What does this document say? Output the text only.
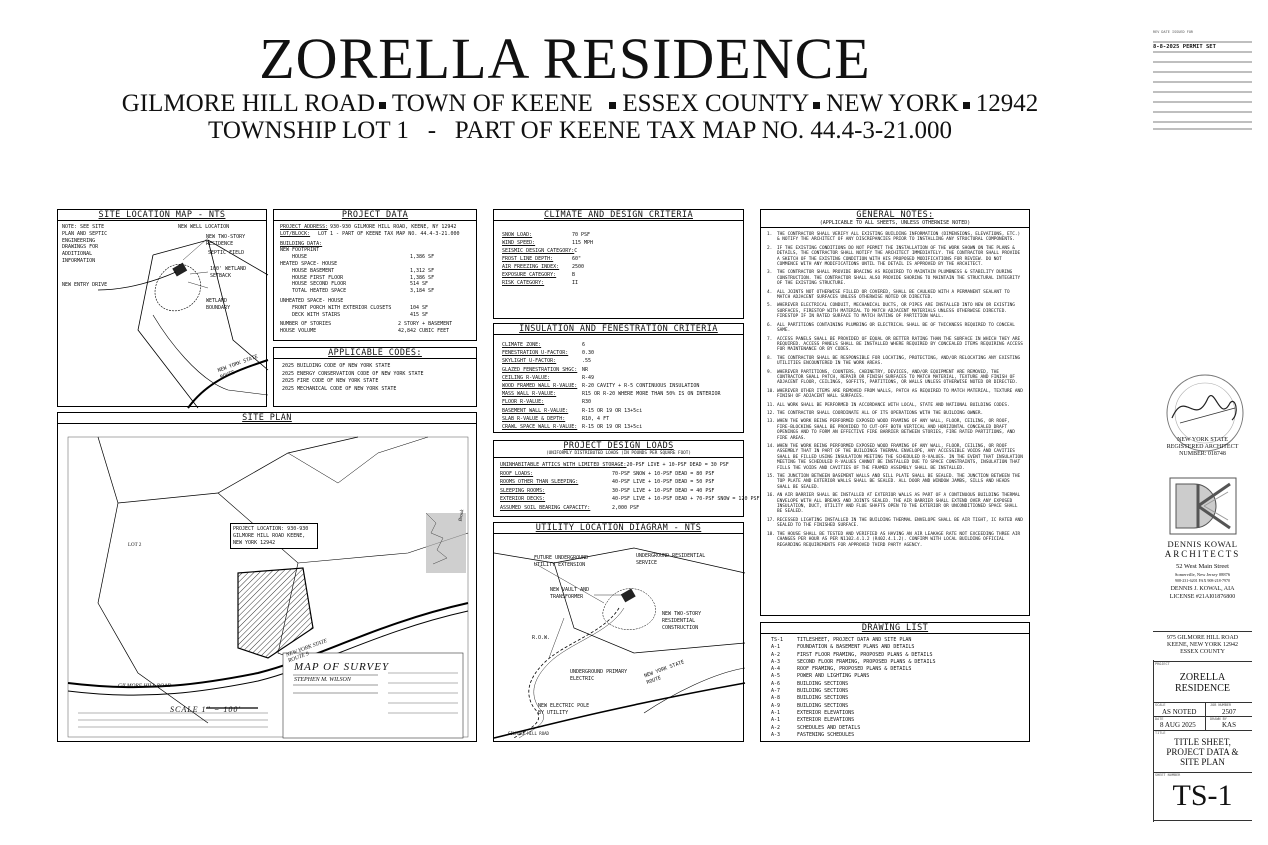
ZORELLA RESIDENCE
GILMORE HILL ROAD TOWN OF KEENE ESSEX COUNTY NEW YORK 12942
TOWNSHIP LOT 1 - PART OF KEENE TAX MAP NO. 44.4-3-21.000
REV DATE ISSUED FOR
8-8-2025 PERMIT SET
SITE LOCATION MAP - NTS
NOTE: SEE SITE PLAN AND SEPTIC ENGINEERING DRAWINGS FOR ADDITIONAL INFORMATION
NEW WELL LOCATION
NEW TWO-STORY RESIDENCE
SEPTIC FIELD
100' WETLAND SETBACK
NEW ENTRY DRIVE
WETLAND BOUNDARY
NEW YORK STATE ROUTE
PROJECT DATA
PROJECT ADDRESS: 930-930 GILMORE HILL ROAD, KEENE, NY 12942
LOT/BLOCK:	LOT 1 - PART OF KEENE TAX MAP NO. 44.4-3-21.000
BUILDING DATA:
NEW FOOTPRINT
HOUSE	1,386 SF
HEATED SPACE- HOUSE
HOUSE BASEMENT	1,312 SF
HOUSE FIRST FLOOR	1,386 SF
HOUSE SECOND FLOOR	514 SF
TOTAL HEATED SPACE	3,184 SF
UNHEATED SPACE- HOUSE
FRONT PORCH WITH EXTERIOR CLOSETS	104 SF
DECK WITH STAIRS	415 SF
NUMBER OF STORIES	2 STORY + BASEMENT
HOUSE VOLUME	42,842 CUBIC FEET
APPLICABLE CODES:
2025 BUILDING CODE OF NEW YORK STATE
2025 ENERGY CONSERVATION CODE OF NEW YORK STATE
2025 FIRE CODE OF NEW YORK STATE
2025 MECHANICAL CODE OF NEW YORK STATE
CLIMATE AND DESIGN CRITERIA
SNOW LOAD:	70 PSF
WIND SPEED:	115 MPH
SEISMIC DESIGN CATEGORY: C
FROST LINE DEPTH:	60"
AIR FREEZING INDEX:	2500
EXPOSURE CATEGORY:	B
RISK CATEGORY:	II
INSULATION AND FENESTRATION CRITERIA
CLIMATE ZONE:	6
FENESTRATION U-FACTOR:	0.30
SKYLIGHT U-FACTOR:	.55
GLAZED FENESTRATION SHGC: NR
CEILING R-VALUE:	R-49
WOOD FRAMED WALL R-VALUE: R-20 CAVITY + R-5 CONTINUOUS INSULATION
MASS WALL R-VALUE:	R15 OR R-20 WHERE MORE THAN 50% IS ON INTERIOR
FLOOR R-VALUE:	R30
BASEMENT WALL R-VALUE:	R-15 OR 19 OR 13+5ci
SLAB R-VALUE & DEPTH:	R10, 4 FT
CRAWL SPACE WALL R-VALUE: R-15 OR 19 OR 13+5ci
PROJECT DESIGN LOADS
(UNIFORMLY DISTRIBUTED LOADS (IN POUNDS PER SQUARE FOOT)
UNINHABITABLE ATTICS WITH LIMITED STORAGE: 20-PSF LIVE + 10-PSF DEAD = 30 PSF
ROOF LOADS:	70-PSF SNOW + 10-PSF DEAD = 80 PSF
ROOMS OTHER THAN SLEEPING:	40-PSF LIVE + 10-PSF DEAD = 50 PSF
SLEEPING ROOMS:	30-PSF LIVE + 10-PSF DEAD = 40 PSF
EXTERIOR DECKS:	40-PSF LIVE + 10-PSF DEAD + 70-PSF SNOW = 120 PSF
ASSUMED SOIL BEARING CAPACITY:	2,000 PSF
UTILITY LOCATION DIAGRAM - NTS
FUTURE UNDERGROUND UTILITY EXTENSION
UNDERGROUND RESIDENTIAL SERVICE
NEW VAULT AND TRANSFORMER
NEW TWO-STORY RESIDENTIAL CONSTRUCTION
R.O.W.
UNDERGROUND PRIMARY ELECTRIC
NEW ELECTRIC POLE BY UTILITY
GILMORE HILL ROAD
NEW YORK STATE ROUTE
SITE PLAN
PROJECT LOCATION: 930-930 GILMORE HILL ROAD KEENE, NEW YORK 12942
MAP OF SURVEY
STEPHEN M. WILSON
SCALE 1" = 100'
GILMORE HILL ROAD
NEW YORK STATE ROUTE 9
LOT 2
Brook
GENERAL NOTES:
(APPLICABLE TO ALL SHEETS, UNLESS OTHERWISE NOTED)
1.	THE CONTRACTOR SHALL VERIFY ALL EXISTING BUILDING INFORMATION (DIMENSIONS, ELEVATIONS, ETC.) & NOTIFY THE ARCHITECT OF ANY DISCREPANCIES PRIOR TO INSTALLING ANY STRUCTURAL COMPONENTS.
2.	IF THE EXISTING CONDITIONS DO NOT PERMIT THE INSTALLATION OF THE WORK SHOWN ON THE PLANS & DETAILS, THE CONTRACTOR SHALL NOTIFY THE ARCHITECT IMMEDIATELY. THE CONTRACTOR SHALL PROVIDE A SKETCH OF THE EXISTING CONDITION WITH HIS PROPOSED MODIFICATIONS FOR REVIEW. DO NOT COMMENCE WITH ANY MODIFICATIONS UNTIL THE DETAIL IS APPROVED BY THE ARCHITECT.
3.	THE CONTRACTOR SHALL PROVIDE BRACING AS REQUIRED TO MAINTAIN PLUMBNESS & STABILITY DURING CONSTRUCTION. THE CONTRACTOR SHALL ALSO PROVIDE SHORING TO MAINTAIN THE STRUCTURAL INTEGRITY OF THE EXISTING STRUCTURE.
4.	ALL JOINTS NOT OTHERWISE FILLED OR COVERED, SHALL BE CAULKED WITH A PERMANENT SEALANT TO MATCH ADJACENT SURFACES UNLESS OTHERWISE NOTED OR DIRECTED.
5.	WHEREVER ELECTRICAL CONDUIT, MECHANICAL DUCTS, OR PIPES ARE INSTALLED INTO NEW OR EXISTING SURFACES, FIRESTOP WITH MATERIAL TO MATCH ADJACENT MATERIALS UNLESS OTHERWISE DIRECTED. FIRESTOP IF IN RATED SURFACE TO MATCH RATING OF PARTITION WALL.
6.	ALL PARTITIONS CONTAINING PLUMBING OR ELECTRICAL SHALL BE OF THICKNESS REQUIRED TO CONCEAL SAME.
7.	ACCESS PANELS SHALL BE PROVIDED OF EQUAL OR BETTER RATING THAN THE SURFACE IN WHICH THEY ARE REQUIRED. ACCESS PANELS SHALL BE INSTALLED WHERE REQUIRED BY CONCEALED ITEMS REQUIRING ACCESS FOR MAINTENANCE OR BY CODES.
8.	THE CONTRACTOR SHALL BE RESPONSIBLE FOR LOCATING, PROTECTING, AND/OR RELOCATING ANY EXISTING UTILITIES ENCOUNTERED IN THE WORK AREAS.
9.	WHEREVER PARTITIONS, COUNTERS, CABINETRY, DEVICES, AND/OR EQUIPMENT ARE REMOVED, THE CONTRACTOR SHALL PATCH, REPAIR OR FINISH SURFACES TO MATCH MATERIAL, TEXTURE AND FINISH OF ADJACENT FLOOR, CEILINGS, SOFFITS, PARTITIONS, OR WALLS UNLESS OTHERWISE NOTED OR DIRECTED.
10. WHEREVER OTHER ITEMS ARE REMOVED FROM WALLS, PATCH AS REQUIRED TO MATCH MATERIAL, TEXTURE AND FINISH OF ADJACENT WALL SURFACES.
11. ALL WORK SHALL BE PERFORMED IN ACCORDANCE WITH LOCAL, STATE AND NATIONAL BUILDING CODES.
12. THE CONTRACTOR SHALL COORDINATE ALL OF ITS OPERATIONS WITH THE BUILDING OWNER.
13. WHEN THE WORK BEING PERFORMED EXPOSED WOOD FRAMING OF ANY WALL, FLOOR, CEILING, OR ROOF, FIRE-BLOCKING SHALL BE PROVIDED TO CUT-OFF BOTH VERTICAL AND HORIZONTAL CONCEALED DRAFT OPENINGS AND TO FORM AN EFFECTIVE FIRE BARRIER BETWEEN STORIES, FIRE RATED PARTITIONS, AND FIRE AREAS.
14. WHEN THE WORK BEING PERFORMED EXPOSED WOOD FRAMING OF ANY WALL, FLOOR, CEILING, OR ROOF ASSEMBLY THAT IN PART OF THE BUILDINGS THERMAL ENVELOPE, ANY ACCESSIBLE VOIDS AND CAVITIES SHALL BE FILLED USING INSULATION MEETING THE SCHEDULED R-VALUES. IN THE EVENT THAT INSULATION MEETING THE SCHEDULED R-VALUES CANNOT BE INSTALLED DUE TO SPACE CONSTRAINTS, INSULATION THAT FILLS THE VOIDS AND CAVITIES OF THE FRAMED ASSEMBLY SHALL BE INSTALLED.
15. THE JUNCTION BETWEEN BASEMENT WALLS AND SILL PLATE SHALL BE SEALED. THE JUNCTION BETWEEN THE TOP PLATE AND EXTERIOR WALLS SHALL BE SEALED. ALL DOOR AND WINDOW JAMBS, SILLS AND HEADS SHALL BE SEALED.
16. AN AIR BARRIER SHALL BE INSTALLED AT EXTERIOR WALLS AS PART OF A CONTINUOUS BUILDING THERMAL ENVELOPE WITH ALL BREAKS AND JOINTS SEALED. THE AIR BARRIER SHALL EXTEND OVER ANY EXPOSED INSULATION, DUCT, UTILITY AND FLUE SHAFTS OPEN TO THE EXTERIOR OR UNCONDITIONED SPACE SHALL BE SEALED.
17. RECESSED LIGHTING INSTALLED IN THE BUILDING THERMAL ENVELOPE SHALL BE AIR TIGHT, IC RATED AND SEALED TO THE FINISHED SURFACE.
18. THE HOUSE SHALL BE TESTED AND VERIFIED AS HAVING AN AIR LEAKAGE RATE NOT EXCEEDING THREE AIR CHANGES PER HOUR AS PER N1102.4.1.2 (R402.4.1.2). CONFIRM WITH LOCAL BUILDING OFFICIAL REGARDING REQUIREMENTS FOR APPROVED THIRD PARTY AGENCY.
DRAWING LIST
TS-1	TITLESHEET, PROJECT DATA AND SITE PLAN
A-1	FOUNDATION & BASEMENT PLANS AND DETAILS
A-2	FIRST FLOOR FRAMING, PROPOSED PLANS & DETAILS
A-3	SECOND FLOOR FRAMING, PROPOSED PLANS & DETAILS
A-4	ROOF FRAMING, PROPOSED PLANS & DETAILS
A-5	POWER AND LIGHTING PLANS
A-6	BUILDING SECTIONS
A-7	BUILDING SECTIONS
A-8	BUILDING SECTIONS
A-9	BUILDING SECTIONS
A-1	EXTERIOR ELEVATIONS
A-1	EXTERIOR ELEVATIONS
A-2	SCHEDULES AND DETAILS
A-3	FASTENING SCHEDULES
NEW YORK STATE
REGISTERED ARCHITECT
NUMBER: 018748
DENNIS KOWAL
ARCHITECTS
52 West Main Street
Somerville, New Jersey 08876
908-231-6201 FAX 908-218-7970
DENNIS J. KOWAL, AIA
LICENSE #21AI01876800
975 GILMORE HILL ROAD
KEENE, NEW YORK 12942
ESSEX COUNTY
PROJECT
ZORELLA
RESIDENCE
SCALE	JOB NUMBER
AS NOTED	2507
DATE	DRAWN BY
8 AUG 2025	KAS
TITLE
TITLE SHEET,
PROJECT DATA &
SITE PLAN
SHEET NUMBER
TS-1
